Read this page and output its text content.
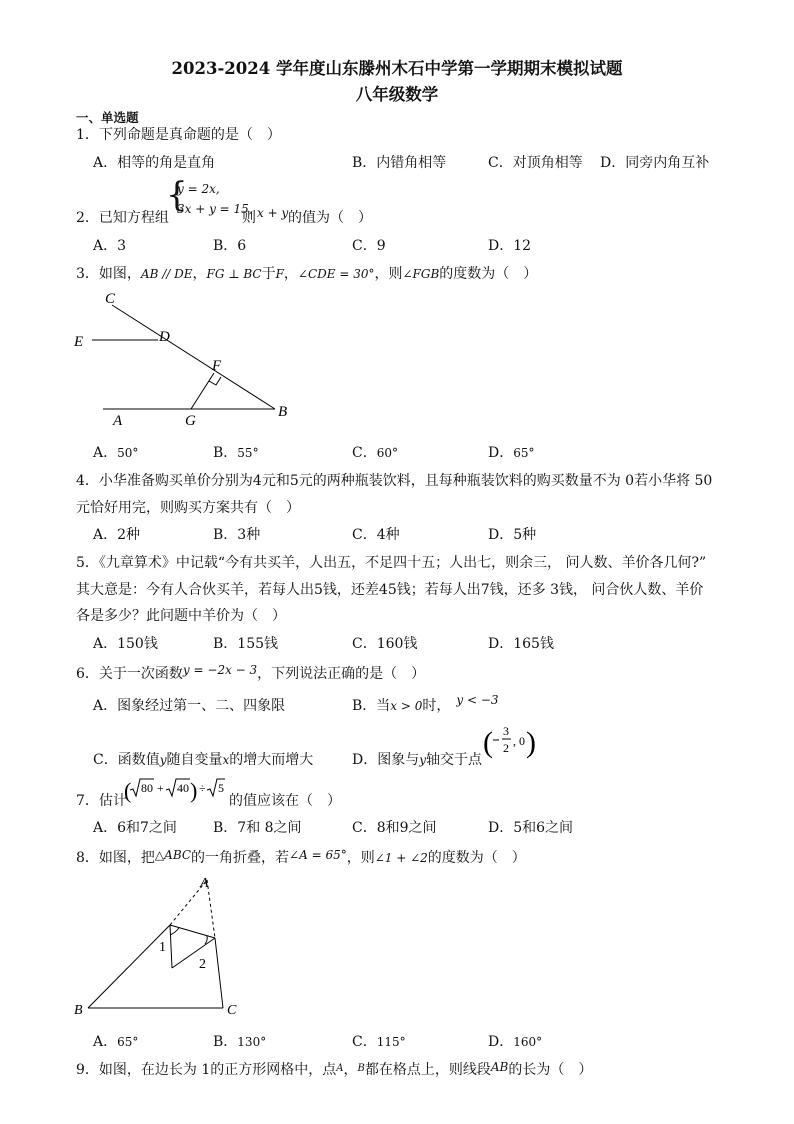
2023-2024 学年度山东滕州木石中学第一学期期末模拟试题
八年级数学
一、单选题
1．下列命题是真命题的是（　）
A．相等的角是直角	B．内错角相等	C．对顶角相等 D．同旁内角互补
2．已知方程组
{
y = 2x,
3x + y = 15,
则 x + y 的值为（　）
A．3	B．6	C．9	D．12
3．如图，AB // DE，FG ⊥ BC于F，∠CDE = 30°，则∠FGB的度数为（　）
C
D
E
F
A	G
B
A．50°	B．55°	C．60°	D．65°
4．小华准备购买单价分别为4元和5元的两种瓶装饮料，且每种瓶装饮料的购买数量不为 0若小华将 50
元恰好用完，则购买方案共有（　）
A．2种	B．3种	C．4种	D．5种
5．《九章算术》中记载“今有共买羊，人出五，不足四十五；人出七，则余三， 问人数、羊价各几何?”
其大意是：今有人合伙买羊，若每人出5钱，还差45钱；若每人出7钱，还多 3钱， 问合伙人数、羊价
各是多少？此问题中羊价为（　）
A．150钱	B．155钱	C．160钱	D．165钱
6．关于一次函数y = −2x − 3，下列说法正确的是（　）
A．图象经过第一、二、四象限	B．当x > 0时， y < −3
C．函数值y随自变量x的增大而增大	D．图象与y轴交于点
( 3
2 , 0 )
7．估计
( 80 + 40 ) ÷ 5
的值应该在（　）
A．6和7之间	B．7和 8之间	C．8和9之间	D．5和6之间
8．如图，把△ABC的一角折叠，若∠A = 65°，则∠1 + ∠2的度数为（　）
A
B	C
1
2
A．65°	B．130°	C．115°	D．160°
9．如图，在边长为 1的正方形网格中，点$^A$，$^B$都在格点上，则线段AB的长为（　）
